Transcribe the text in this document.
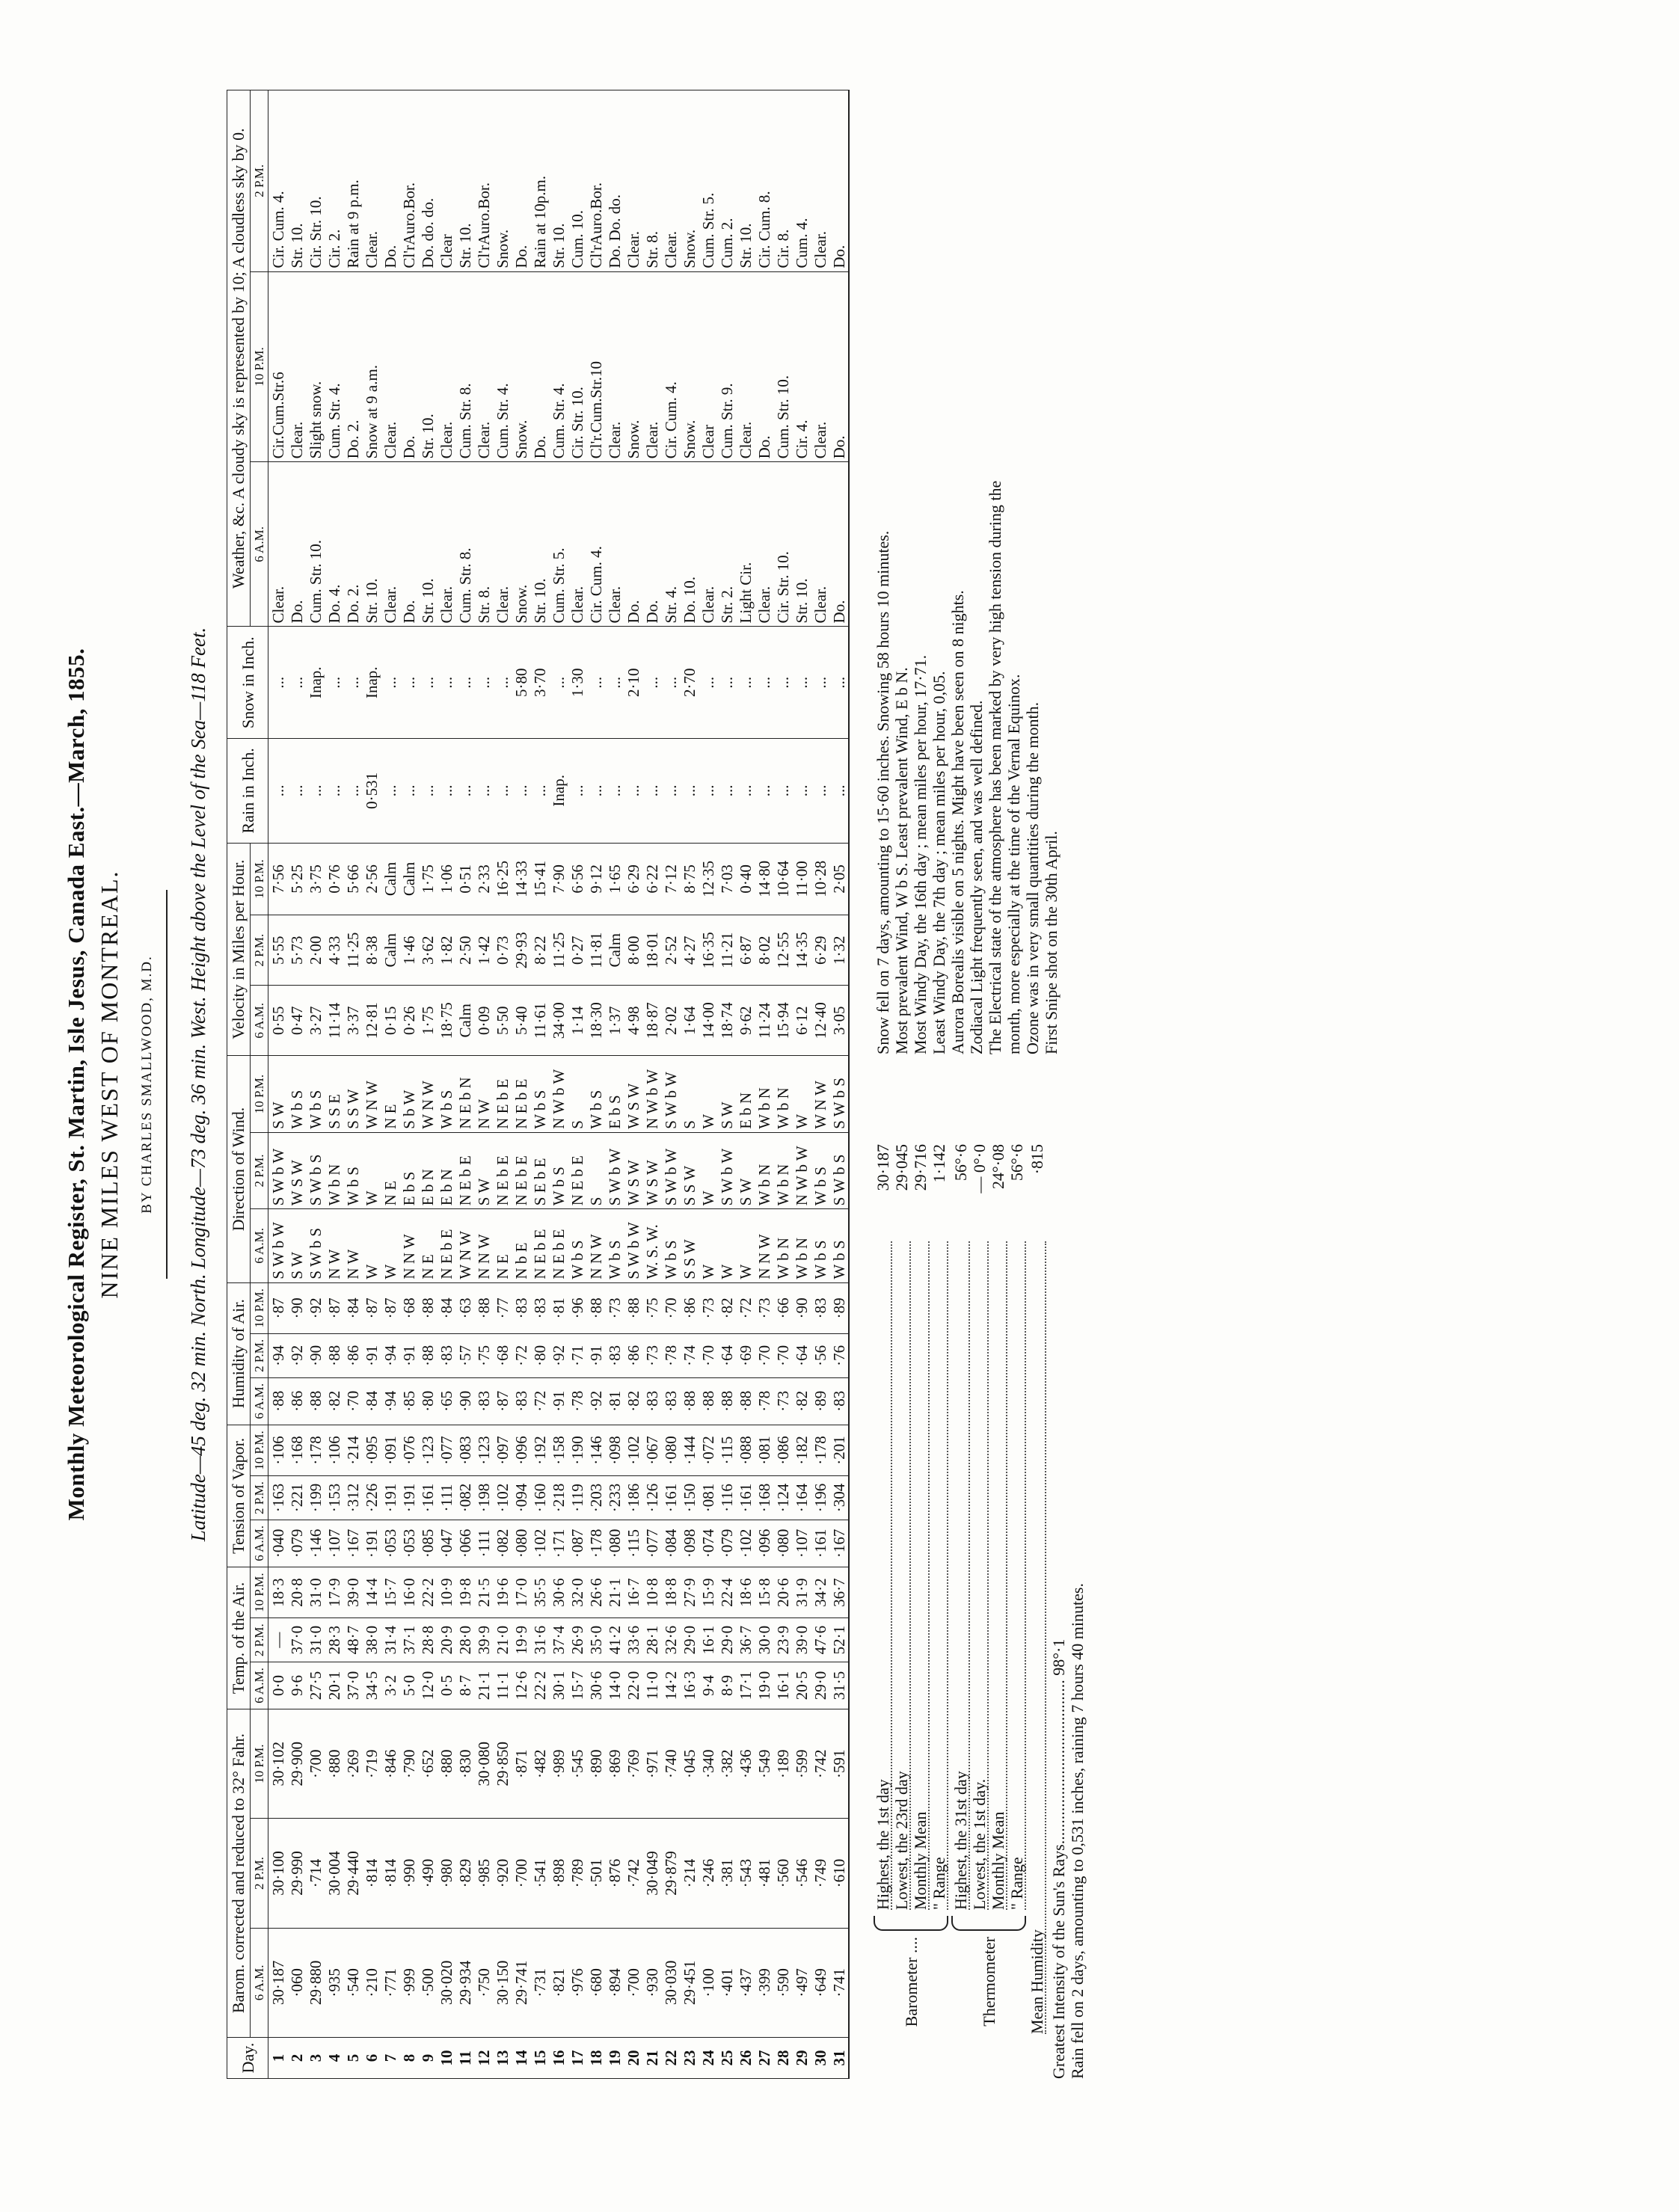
Monthly Meteorological Register, St. Martin, Isle Jesus, Canada East.—March, 1855. NINE MILES WEST OF MONTREAL. BY CHARLES SMALLWOOD, M.D. Latitude—45 deg. 32 min. North. Longitude—73 deg. 36 min. West. Height above the Level of the Sea—118 Feet.
Day.	Barom. corrected and reduced to 32° Fahr.			Temp. of the Air.			Tension of Vapor.			Humidity of Air.			Direction of Wind.			Velocity in Miles per Hour.			Rain in Inch.	Snow in Inch.	Weather, &c. A cloudy sky is represented by 10; A cloudless sky by 0.		
	6 A.M.	2 P.M.	10 P.M.	6 A.M.	2 P.M.	10 P.M.	6 A.M.	2 P.M.	10 P.M.	6 A.M.	2 P.M.	10 P.M.	6 A.M.	2 P.M.	10 P.M.	6 A.M.	2 P.M.	10 P.M.			6 A.M.	10 P.M.	2 P.M.
1	30·187	30·100	30·102	0·0	—	18·3	·040	·163	·106	·88	·94	·87	S W b W	S W b W	S W	0·55	5·55	7·56	...	...	Clear.	Cir.Cum.Str.6	Cir. Cum. 4.
2	·060	29·990	29·900	9·6	37·0	20·8	·079	·221	·168	·86	·92	·90	S W	W S W	W b S	0·47	5·73	5·25	...	...	Do.	Clear.	Str. 10.
3	29·880	·714	·700	27·5	31·0	31·0	·146	·199	·178	·88	·90	·92	S W b S	S W b S	W b S	3·27	2·00	3·75	...	Inap.	Cum. Str. 10.	Slight snow.	Cir. Str. 10.
4	·935	30·004	·880	20·1	28·3	17·9	·107	·153	·106	·82	·88	·87	N W	W b N	S S E	11·14	4·33	0·76	...	...	Do. 4.	Cum. Str. 4.	Cir. 2.
5	·540	29·440	·269	37·0	48·7	39·0	·167	·312	·214	·70	·86	·84	N W	W b S	S S W	3·37	11·25	5·66	...	...	Do. 2.	Do. 2.	Rain at 9 p.m.
6	·210	·814	·719	34·5	38·0	14·4	·191	·226	·095	·84	·91	·87	W	W	W N W	12·81	8·38	2·56	0·531	Inap.	Str. 10.	Snow at 9 a.m.	Clear.
7	·771	·814	·846	3·2	31·4	15·7	·053	·191	·091	·94	·94	·87	W	N E	N E	0·15	Calm	Calm	...	...	Clear.	Clear.	Do.
8	·999	·990	·790	5·0	37·1	16·0	·053	·191	·076	·85	·91	·68	N N W	E b S	S b W	0·26	1·46	Calm	...	...	Do.	Do.	Cl'rAuro.Bor.
9	·500	·490	·652	12·0	28·8	22·2	·085	·161	·123	·80	·88	·88	N E	E b N	W N W	1·75	3·62	1·75	...	...	Str. 10.	Str. 10.	Do. do. do.
10	30·020	·980	·880	0·5	20·9	10·9	·047	·111	·077	·65	·83	·84	N E b E	E b N	W b S	18·75	1·82	1·06	...	...	Clear.	Clear.	Clear
11	29·934	·829	·830	8·7	28·0	19·8	·066	·082	·083	·90	·57	·63	W N W	N E b E	N E b N	Calm	2·50	0·51	...	...	Cum. Str. 8.	Cum. Str. 8.	Str. 10.
12	·750	·985	30·080	21·1	39·9	21·5	·111	·198	·123	·83	·75	·88	N N W	S W	N W	0·09	1·42	2·33	...	...	Str. 8.	Clear.	Cl'rAuro.Bor.
13	30·150	·920	29·850	11·1	21·0	19·6	·082	·102	·097	·87	·68	·77	N E	N E b E	N E b E	5·50	0·73	16·25	...	...	Clear.	Cum. Str. 4.	Snow.
14	29·741	·700	·871	12·6	19·9	17·0	·080	·094	·096	·83	·72	·83	N b E	N E b E	N E b E	5·40	29·93	14·33	...	5·80	Snow.	Snow.	Do.
15	·731	·541	·482	22·2	31·6	35·5	·102	·160	·192	·72	·80	·83	N E b E	S E b E	W b S	11·61	8·22	15·41	...	3·70	Str. 10.	Do.	Rain at 10p.m.
16	·821	·898	·989	30·1	37·4	30·6	·171	·218	·158	·91	·92	·81	N E b E	W b S	N W b W	34·00	11·25	7·90	Inap.	...	Cum. Str. 5.	Cum. Str. 4.	Str. 10.
17	·976	·789	·545	15·7	26·9	32·0	·087	·119	·190	·78	·71	·96	W b S	N E b E	S	1·14	0·27	6·56	...	1·30	Clear.	Cir. Str. 10.	Cum. 10.
18	·680	·501	·890	30·6	35·0	26·6	·178	·203	·146	·92	·91	·88	N N W	S	W b S	18·30	11·81	9·12	...	...	Cir. Cum. 4.	Cl'r.Cum.Str.10	Cl'rAuro.Bor.
19	·894	·876	·869	14·0	41·2	21·1	·080	·233	·098	·81	·83	·73	W b S	S W b W	E b S	1·37	Calm	1·65	...	...	Clear.	Clear.	Do. Do. do.
20	·700	·742	·769	22·0	33·6	16·7	·115	·186	·102	·82	·86	·88	S W b W	W S W	W S W	4·98	8·00	6·29	...	2·10	Do.	Snow.	Clear.
21	·930	30·049	·971	11·0	28·1	10·8	·077	·126	·067	·83	·73	·75	W. S. W.	W S W	N W b W	18·87	18·01	6·22	...	...	Do.	Clear.	Str. 8.
22	30·030	29·879	·740	14·2	32·6	18·8	·084	·161	·080	·83	·78	·70	W b S	S W b W	S W b W	2·02	2·52	7·12	...	...	Str. 4.	Cir. Cum. 4.	Clear.
23	29·451	·214	·045	16·3	29·0	27·9	·098	·150	·144	·88	·74	·86	S S W	S S W	S	1·64	4·27	8·75	...	2·70	Do. 10.	Snow.	Snow.
24	·100	·246	·340	9·4	16·1	15·9	·074	·081	·072	·88	·70	·73	W	W	W	14·00	16·35	12·35	...	...	Clear.	Clear	Cum. Str. 5.
25	·401	·381	·382	8·9	29·0	22·4	·079	·116	·115	·88	·64	·82	W	S W b W	S W	18·74	11·21	7·03	...	...	Str. 2.	Cum. Str. 9.	Cum. 2.
26	·437	·543	·436	17·1	36·7	18·6	·102	·161	·088	·88	·69	·72	W	S W	E b N	9·62	6·87	0·40	...	...	Light Cir.	Clear.	Str. 10.
27	·399	·481	·549	19·0	30·0	15·8	·096	·168	·081	·78	·70	·73	N N W	W b N	W b N	11·24	8·02	14·80	...	...	Clear.	Do.	Cir. Cum. 8.
28	·590	·560	·189	16·1	23·9	20·6	·080	·124	·086	·73	·70	·66	W b N	W b N	W b N	15·94	12·55	10·64	...	...	Cir. Str. 10.	Cum. Str. 10.	Cir. 8.
29	·497	·546	·599	20·5	39·0	31·9	·107	·164	·182	·82	·64	·90	W b N	N W b W	W	6·12	14·35	11·00	...	...	Str. 10.	Cir. 4.	Cum. 4.
30	·649	·749	·742	29·0	47·6	34·2	·161	·196	·178	·89	·56	·83	W b S	W b S	W N W	12·40	6·29	10·28	...	...	Clear.	Clear.	Clear.
31	·741	·610	·591	31·5	52·1	36·7	·167	·304	·201	·83	·76	·89	W b S	S W b S	S W b S	3·05	1·32	2·05	...	...	Do.	Do.	Do.
Barometer ....
Highest, the 1st day
30·187
Lowest, the 23rd day
29·045
Monthly Mean
29·716
" Range
1·142
Thermometer
Highest, the 31st day
56°·6
Lowest, the 1st day.
— 0°·0
Monthly Mean
24°·08
" Range
56°·6
Mean Humidity
·815
Greatest Intensity of the Sun's Rays........................................ 98°·1 Rain fell on 2 days, amounting to 0,531 inches, raining 7 hours 40 minutes.
Snow fell on 7 days, amounting to 15·60 inches. Snowing 58 hours 10 minutes. Most prevalent Wind, W b S. Least prevalent Wind, E b N. Most Windy Day, the 16th day ; mean miles per hour, 17·71. Least Windy Day, the 7th day ; mean miles per hour, 0,05. Aurora Borealis visible on 5 nights. Might have been seen on 8 nights. Zodiacal Light frequently seen, and was well defined. The Electrical state of the atmosphere has been marked by very high tension during the month, more especially at the time of the Vernal Equinox. Ozone was in very small quantities during the month. First Snipe shot on the 30th April.
